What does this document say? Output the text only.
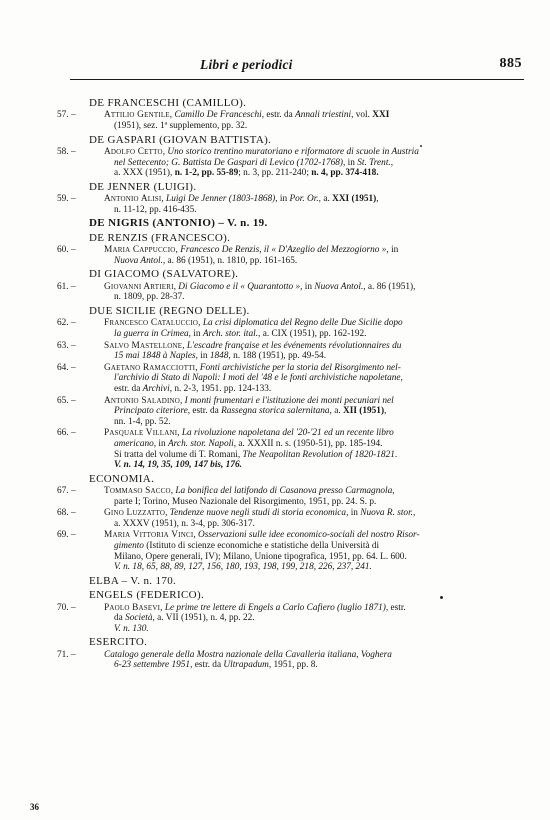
Libri e periodici	885
DE FRANCESCHI (CAMILLO).
57. –	Attilio Gentile, Camillo De Franceschi, estr. da Annali triestini, vol. XXI
(1951), sez. 1ª supplemento, pp. 32.
DE GASPARI (GIOVAN BATTISTA).
58. –	Adolfo Cetto, Uno storico trentino muratoriano e riformatore di scuole in Austria
nel Settecento; G. Battista De Gaspari di Levico (1702-1768), in St. Trent.,
a. XXX (1951), n. 1-2, pp. 55-89; n. 3, pp. 211-240; n. 4, pp. 374-418.
DE JENNER (LUIGI).
59. –	Antonio Alisi, Luigi De Jenner (1803-1868), in Por. Or., a. XXI (1951),
n. 11-12, pp. 416-435.
DE NIGRIS (ANTONIO) – V. n. 19.
DE RENZIS (FRANCESCO).
60. –	Maria Cappuccio, Francesco De Renzis, il « D'Azeglio del Mezzogiorno », in
Nuova Antol., a. 86 (1951), n. 1810, pp. 161-165.
DI GIACOMO (SALVATORE).
61. –	Giovanni Artieri, Di Giacomo e il « Quarantotto », in Nuova Antol., a. 86 (1951),
n. 1809, pp. 28-37.
DUE SICILIE (REGNO DELLE).
62. –	Francesco Cataluccio, La crisi diplomatica del Regno delle Due Sicilie dopo
la guerra in Crimea, in Arch. stor. ital., a. CIX (1951), pp. 162-192.
63. –	Salvo Mastellone, L'escadre française et les événements révolutionnaires du
15 mai 1848 à Naples, in 1848, n. 188 (1951), pp. 49-54.
64. –	Gaetano Ramacciotti, Fonti archivistiche per la storia del Risorgimento nel-
l'archivio di Stato di Napoli: I moti del '48 e le fonti archivistiche napoletane,
estr. da Archivi, n. 2-3, 1951. pp. 124-133.
65. –	Antonio Saladino, I monti frumentari e l'istituzione dei monti pecuniari nel
Principato citeriore, estr. da Rassegna storica salernitana, a. XII (1951),
nn. 1-4, pp. 52.
66. –	Pasquale Villani, La rivoluzione napoletana del '20-'21 ed un recente libro
americano, in Arch. stor. Napoli, a. XXXII n. s. (1950-51), pp. 185-194.
Si tratta del volume di T. Romani, The Neapolitan Revolution of 1820-1821.
V. n. 14, 19, 35, 109, 147 bis, 176.
ECONOMIA.
67. –	Tommaso Sacco, La bonifica del latifondo di Casanova presso Carmagnola,
parte I; Torino, Museo Nazionale del Risorgimento, 1951, pp. 24. S. p.
68. –	Gino Luzzatto, Tendenze nuove negli studi di storia economica, in Nuova R. stor.,
a. XXXV (1951), n. 3-4, pp. 306-317.
69. –	Maria Vittoria Vinci, Osservazioni sulle idee economico-sociali del nostro Risor-
gimento (Istituto di scienze economiche e statistiche della Università di
Milano, Opere generali, IV); Milano, Unione tipografica, 1951, pp. 64. L. 600.
V. n. 18, 65, 88, 89, 127, 156, 180, 193, 198, 199, 218, 226, 237, 241.
ELBA – V. n. 170.
ENGELS (FEDERICO).
70. –	Paolo Basevi, Le prime tre lettere di Engels a Carlo Cafiero (luglio 1871), estr.
da Società, a. VII (1951), n. 4, pp. 22.
V. n. 130.
ESERCITO.
71. –	Catalogo generale della Mostra nazionale della Cavalleria italiana, Voghera
6-23 settembre 1951, estr. da Ultrapadum, 1951, pp. 8.
36
